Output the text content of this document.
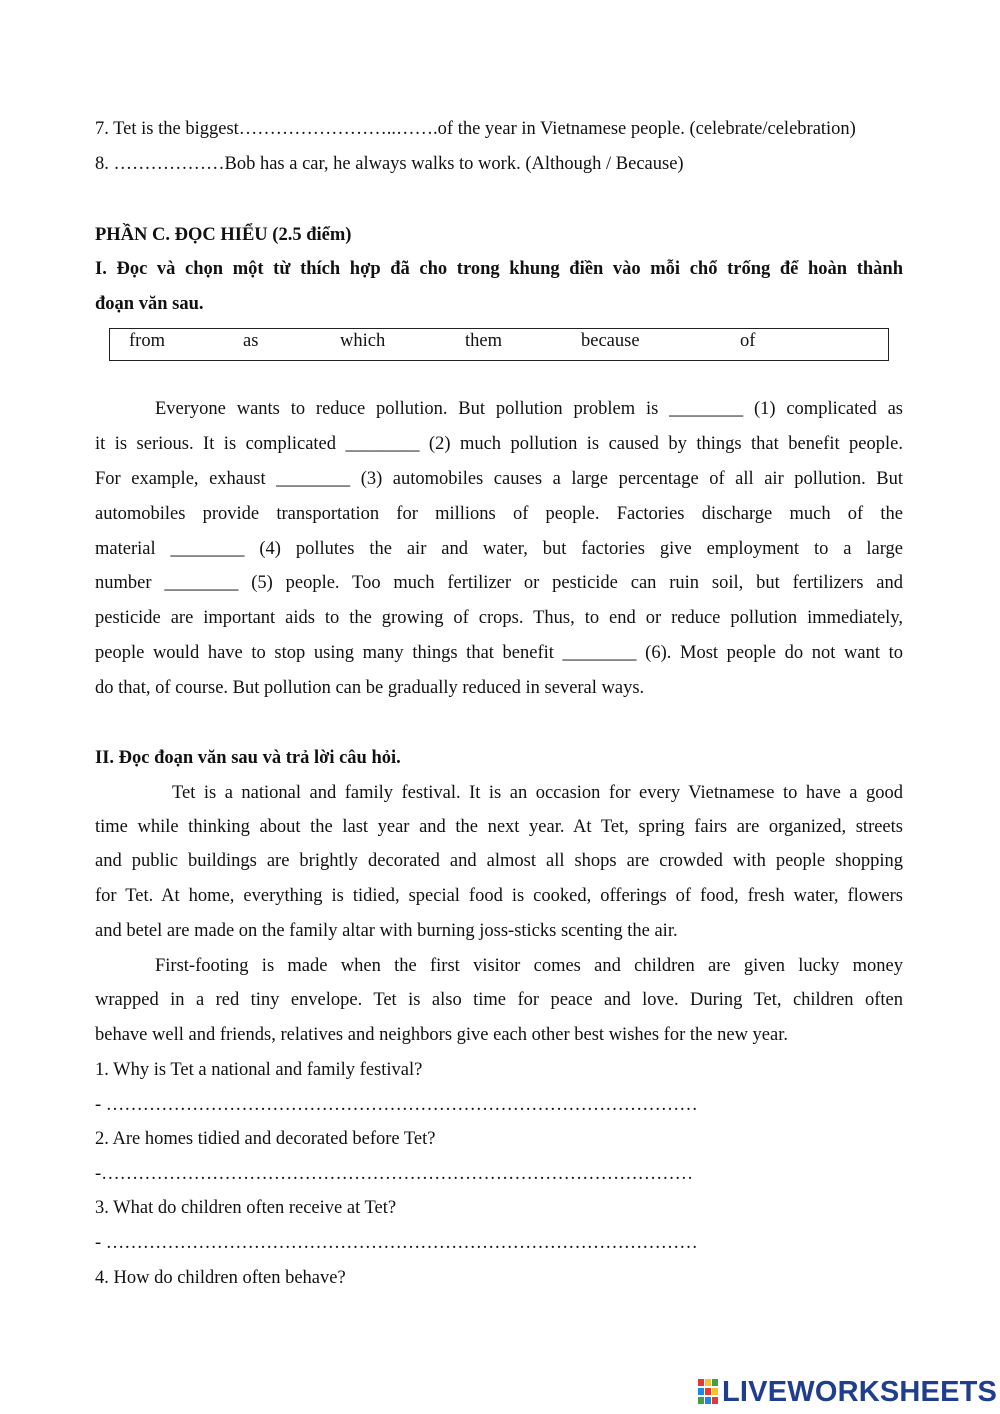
7. Tet is the biggest……………………..…….of the year in Vietnamese people. (celebrate/celebration)
8. ………………Bob has a car, he always walks to work. (Although / Because)
PHẦN C. ĐỌC HIỂU (2.5 điểm)
I. Đọc và chọn một từ thích hợp đã cho trong khung điền vào mỗi chổ trống để hoàn thành
đoạn văn sau.
from	as	which	them	because	of
Everyone wants to reduce pollution. But pollution problem is ________ (1) complicated as
it is serious. It is complicated ________ (2) much pollution is caused by things that benefit people.
For example, exhaust ________ (3) automobiles causes a large percentage of all air pollution. But
automobiles provide transportation for millions of people. Factories discharge much of the
material ________ (4) pollutes the air and water, but factories give employment to a large
number ________ (5) people. Too much fertilizer or pesticide can ruin soil, but fertilizers and
pesticide are important aids to the growing of crops. Thus, to end or reduce pollution immediately,
people would have to stop using many things that benefit ________ (6). Most people do not want to
do that, of course. But pollution can be gradually reduced in several ways.
II. Đọc đoạn văn sau và trả lời câu hỏi.
Tet is a national and family festival. It is an occasion for every Vietnamese to have a good
time while thinking about the last year and the next year. At Tet, spring fairs are organized, streets
and public buildings are brightly decorated and almost all shops are crowded with people shopping
for Tet. At home, everything is tidied, special food is cooked, offerings of food, fresh water, flowers
and betel are made on the family altar with burning joss-sticks scenting the air.
First-footing is made when the first visitor comes and children are given lucky money
wrapped in a red tiny envelope. Tet is also time for peace and love. During Tet, children often
behave well and friends, relatives and neighbors give each other best wishes for the new year.
1. Why is Tet a national and family festival?
- ……………………………………………………………………………………
2. Are homes tidied and decorated before Tet?
-……………………………………………………………………………………
3. What do children often receive at Tet?
- ……………………………………………………………………………………
4. How do children often behave?
LIVEWORKSHEETS
